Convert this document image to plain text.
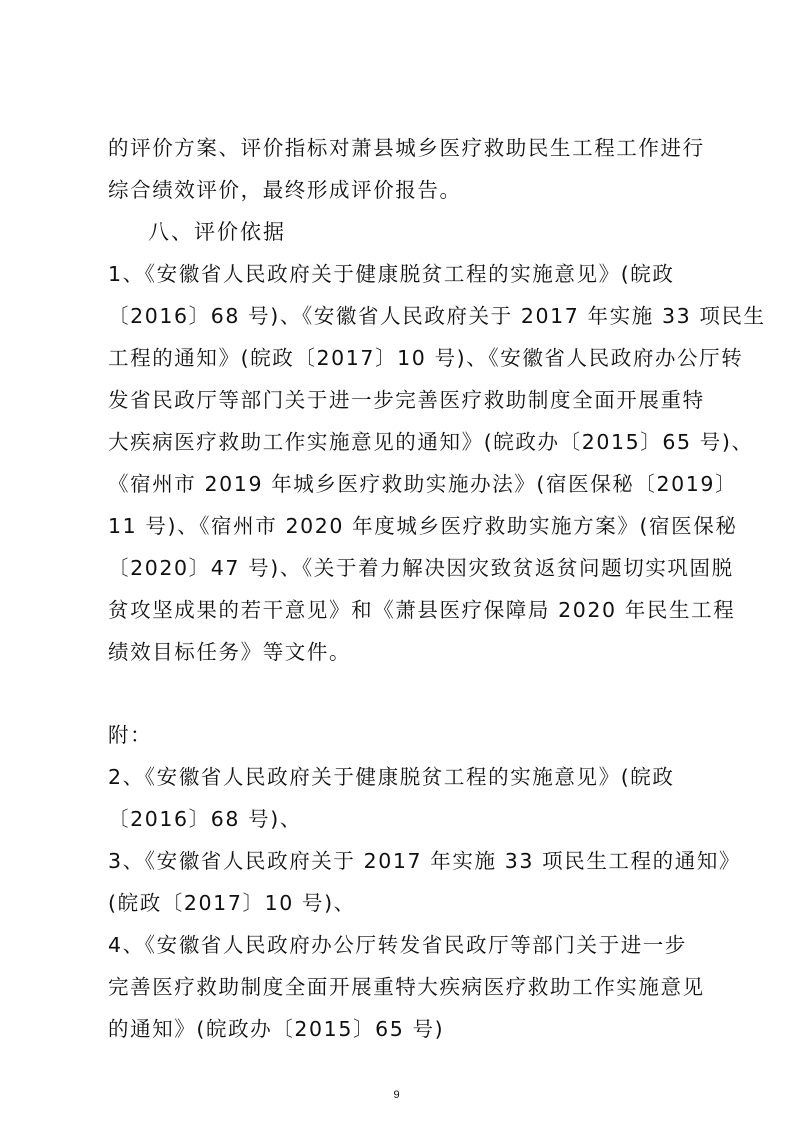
的评价方案、评价指标对萧县城乡医疗救助民生工程工作进行
综合绩效评价，最终形成评价报告。
八、评价依据
1、《安徽省人民政府关于健康脱贫工程的实施意见》(皖政
〔2016〕68 号)、《安徽省人民政府关于 2017 年实施 33 项民生
工程的通知》(皖政〔2017〕10 号)、《安徽省人民政府办公厅转
发省民政厅等部门关于进一步完善医疗救助制度全面开展重特
大疾病医疗救助工作实施意见的通知》(皖政办〔2015〕65 号)、
《宿州市 2019 年城乡医疗救助实施办法》(宿医保秘〔2019〕
11 号)、《宿州市 2020 年度城乡医疗救助实施方案》(宿医保秘
〔2020〕47 号)、《关于着力解决因灾致贫返贫问题切实巩固脱
贫攻坚成果的若干意见》和《萧县医疗保障局 2020 年民生工程
绩效目标任务》等文件。
附：
2、《安徽省人民政府关于健康脱贫工程的实施意见》(皖政
〔2016〕68 号)、
3、《安徽省人民政府关于 2017 年实施 33 项民生工程的通知》
(皖政〔2017〕10 号)、
4、《安徽省人民政府办公厅转发省民政厅等部门关于进一步
完善医疗救助制度全面开展重特大疾病医疗救助工作实施意见
的通知》(皖政办〔2015〕65 号)
9
